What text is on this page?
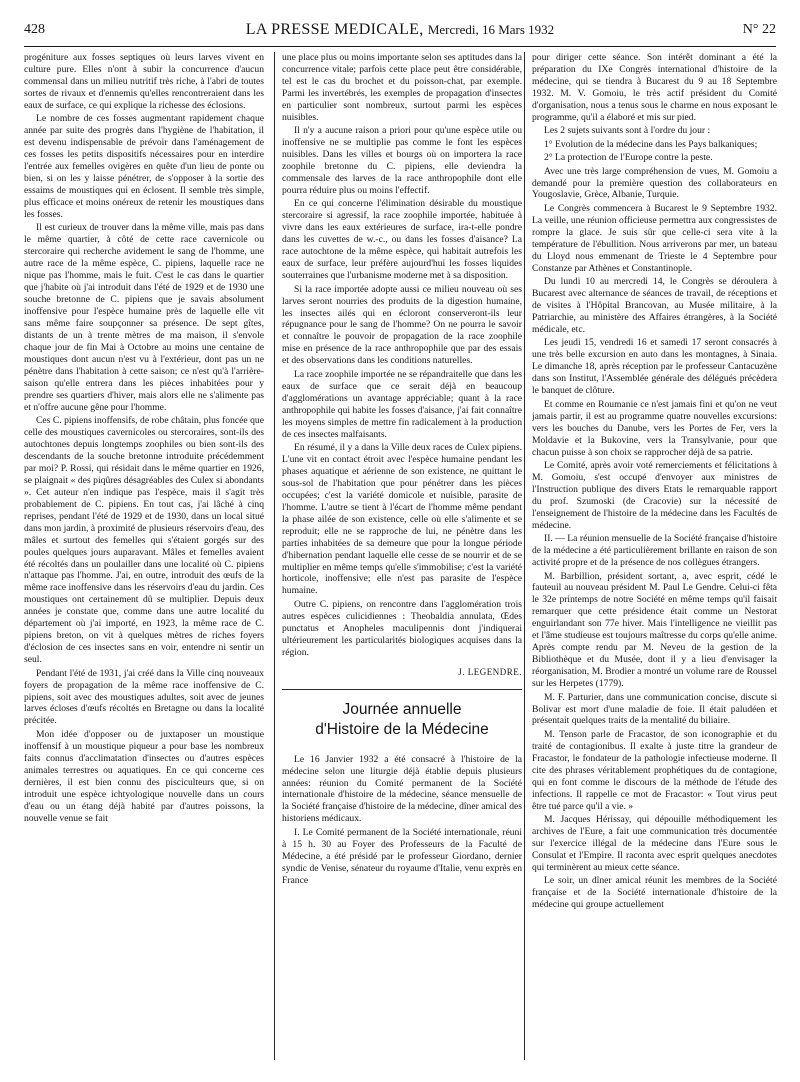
428	LA PRESSE MEDICALE, Mercredi, 16 Mars 1932	N° 22

progéniture aux fosses septiques où leurs larves vivent en culture pure. Elles n'ont à subir la concurrence d'aucun commensal dans un milieu nutritif très riche, à l'abri de toutes sortes de rivaux et d'ennemis qu'elles rencontreraient dans les eaux de surface, ce qui explique la richesse des éclosions.

Le nombre de ces fosses augmentant rapidement chaque année par suite des progrès dans l'hygiène de l'habitation, il est devenu indispensable de prévoir dans l'aménagement de ces fosses les petits dispositifs nécessaires pour en interdire l'entrée aux femelles ovigères en quête d'un lieu de ponte ou bien, si on les y laisse pénétrer, de s'opposer à la sortie des essaims de moustiques qui en éclosent. Il semble très simple, plus efficace et moins onéreux de retenir les moustiques dans les fosses.

Il est curieux de trouver dans la même ville, mais pas dans le même quartier, à côté de cette race cavernicole ou stercoraire qui recherche avidement le sang de l'homme, une autre race de la même espèce, C. pipiens, laquelle race ne nique pas l'homme, mais le fuit. C'est le cas dans le quartier que j'habite où j'ai introduit dans l'été de 1929 et de 1930 une souche bretonne de C. pipiens que je savais absolument inoffensive pour l'espèce humaine près de laquelle elle vit sans même faire soupçonner sa présence. De sept gîtes, distants de un à trente mètres de ma maison, il s'envole chaque jour de fin Mai à Octobre au moins une centaine de moustiques dont aucun n'est vu à l'extérieur, dont pas un ne pénètre dans l'habitation à cette saison; ce n'est qu'à l'arrière-saison qu'elle entrera dans les pièces inhabitées pour y prendre ses quartiers d'hiver, mais alors elle ne s'alimente pas et n'offre aucune gêne pour l'homme.

Ces C. pipiens inoffensifs, de robe châtain, plus foncée que celle des moustiques cavernicoles ou stercoraires, sont-ils des autochtones depuis longtemps zoophiles ou bien sont-ils des descendants de la souche bretonne introduite précédemment par moi? P. Rossi, qui résidait dans le même quartier en 1926, se plaignait « des piqûres désagréables des Culex si abondants ». Cet auteur n'en indique pas l'espèce, mais il s'agit très probablement de C. pipiens. En tout cas, j'ai lâché à cinq reprises, pendant l'été de 1929 et de 1930, dans un local situé dans mon jardin, à proximité de plusieurs réservoirs d'eau, des mâles et surtout des femelles qui s'étaient gorgés sur des poules quelques jours auparavant. Mâles et femelles avaient été récoltés dans un poulailler dans une localité où C. pipiens n'attaque pas l'homme. J'ai, en outre, introduit des œufs de la même race inoffensive dans les réservoirs d'eau du jardin. Ces moustiques ont certainement dû se multiplier. Depuis deux années je constate que, comme dans une autre localité du département où j'ai importé, en 1923, la même race de C. pipiens breton, on vit à quelques mètres de riches foyers d'éclosion de ces insectes sans en voir, entendre ni sentir un seul.

Pendant l'été de 1931, j'ai créé dans la Ville cinq nouveaux foyers de propagation de la même race inoffensive de C. pipiens, soit avec des moustiques adultes, soit avec de jeunes larves écloses d'œufs récoltés en Bretagne ou dans la localité précitée.

Mon idée d'opposer ou de juxtaposer un moustique inoffensif à un moustique piqueur a pour base les nombreux faits connus d'acclimatation d'insectes ou d'autres espèces animales terrestres ou aquatiques. En ce qui concerne ces dernières, il est bien connu des pisciculteurs que, si on introduit une espèce ichtyologique nouvelle dans un cours d'eau ou un étang déjà habité par d'autres poissons, la nouvelle venue se fait

une place plus ou moins importante selon ses aptitudes dans la concurrence vitale; parfois cette place peut être considérable, tel est le cas du brochet et du poisson-chat, par exemple. Parmi les invertébrés, les exemples de propagation d'insectes en particulier sont nombreux, surtout parmi les espèces nuisibles.

Il n'y a aucune raison a priori pour qu'une espèce utile ou inoffensive ne se multiplie pas comme le font les espèces nuisibles. Dans les villes et bourgs où on importera la race zoophile bretonne du C. pipiens, elle deviendra la commensale des larves de la race anthropophile dont elle pourra réduire plus ou moins l'effectif.

En ce qui concerne l'élimination désirable du moustique stercoraire si agressif, la race zoophile importée, habituée à vivre dans les eaux extérieures de surface, ira-t-elle pondre dans les cuvettes de w.-c., ou dans les fosses d'aisance? La race autochtone de la même espèce, qui habitait autrefois les eaux de surface, leur préfère aujourd'hui les fosses liquides souterraines que l'urbanisme moderne met à sa disposition.

Si la race importée adopte aussi ce milieu nouveau où ses larves seront nourries des produits de la digestion humaine, les insectes ailés qui en écloront conserveront-ils leur répugnance pour le sang de l'homme? On ne pourra le savoir et connaître le pouvoir de propagation de la race zoophile mise en présence de la race anthropophile que par des essais et des observations dans les conditions naturelles.

La race zoophile importée ne se répandraitelle que dans les eaux de surface que ce serait déjà en beaucoup d'agglomérations un avantage appréciable; quant à la race anthropophile qui habite les fosses d'aisance, j'ai fait connaître les moyens simples de mettre fin radicalement à la production de ces insectes malfaisants.

En résumé, il y a dans la Ville deux races de Culex pipiens. L'une vit en contact étroit avec l'espèce humaine pendant les phases aquatique et aérienne de son existence, ne quittant le sous-sol de l'habitation que pour pénétrer dans les pièces occupées; c'est la variété domicole et nuisible, parasite de l'homme. L'autre se tient à l'écart de l'homme même pendant la phase ailée de son existence, celle où elle s'alimente et se reproduit; elle ne se rapproche de lui, ne pénètre dans les parties inhabitées de sa demeure que pour la longue période d'hibernation pendant laquelle elle cesse de se nourrir et de se multiplier en même temps qu'elle s'immobilise; c'est la variété horticole, inoffensive; elle n'est pas parasite de l'espèce humaine.

Outre C. pipiens, on rencontre dans l'agglomération trois autres espèces culicidiennes : Theobaldia annulata, Œdes punctatus et Anopheles maculipennis dont j'indiquerai ultérieurement les particularités biologiques acquises dans la région.

J. LEGENDRE.
Journée annuelle
d'Histoire de la Médecine

Le 16 Janvier 1932 a été consacré à l'histoire de la médecine selon une liturgie déjà établie depuis plusieurs années: réunion du Comité permanent de la Société internationale d'histoire de la médecine, séance mensuelle de la Société française d'histoire de la médecine, dîner amical des historiens médicaux.

I. Le Comité permanent de la Société internationale, réuni à 15 h. 30 au Foyer des Professeurs de la Faculté de Médecine, a été présidé par le professeur Giordano, dernier syndic de Venise, sénateur du royaume d'Italie, venu exprès en France

pour diriger cette séance. Son intérêt dominant a été la préparation du IXe Congrès international d'histoire de la médecine, qui se tiendra à Bucarest du 9 au 18 Septembre 1932. M. V. Gomoiu, le très actif président du Comité d'organisation, nous a tenus sous le charme en nous exposant le programme, qu'il a élaboré et mis sur pied.

Les 2 sujets suivants sont à l'ordre du jour :

1° Evolution de la médecine dans les Pays balkaniques;

2° La protection de l'Europe contre la peste.

Avec une très large compréhension de vues, M. Gomoiu a demandé pour la première question des collaborateurs en Yougoslavie, Grèce, Albanie, Turquie.

Le Congrès commencera à Bucarest le 9 Septembre 1932. La veille, une réunion officieuse permettra aux congressistes de rompre la glace. Je suis sûr que celle-ci sera vite à la température de l'ébullition. Nous arriverons par mer, un bateau du Lloyd nous emmenant de Trieste le 4 Septembre pour Constanze par Athènes et Constantinople.

Du lundi 10 au mercredi 14, le Congrès se déroulera à Bucarest avec alternance de séances de travail, de réceptions et de visites à l'Hôpital Brancovan, au Musée militaire, à la Patriarchie, au ministère des Affaires étrangères, à la Société médicale, etc.

Les jeudi 15, vendredi 16 et samedi 17 seront consacrés à une très belle excursion en auto dans les montagnes, à Sinaia. Le dimanche 18, après réception par le professeur Cantacuzène dans son Institut, l'Assemblée générale des délégués précèdera le banquet de clôture.

Et comme en Roumanie ce n'est jamais fini et qu'on ne veut jamais partir, il est au programme quatre nouvelles excursions: vers les bouches du Danube, vers les Portes de Fer, vers la Moldavie et la Bukovine, vers la Transylvanie, pour que chacun puisse à son choix se rapprocher déjà de sa patrie.

Le Comité, après avoir voté remerciements et félicitations à M. Gomoiu, s'est occupé d'envoyer aux ministres de l'Instruction publique des divers Etats le remarquable rapport du prof. Szumoski (de Cracovie) sur la nécessité de l'enseignement de l'histoire de la médecine dans les Facultés de médecine.

II. — La réunion mensuelle de la Société française d'histoire de la médecine a été particulièrement brillante en raison de son activité propre et de la présence de nos collègues étrangers.

M. Barbillion, président sortant, a, avec esprit, cédé le fauteuil au nouveau président M. Paul Le Gendre. Celui-ci fêta le 32e printemps de notre Société en même temps qu'il faisait remarquer que cette présidence était comme un Nestorat enguirlandant son 77e hiver. Mais l'intelligence ne vieillit pas et l'âme studieuse est toujours maîtresse du corps qu'elle anime. Après compte rendu par M. Neveu de la gestion de la Bibliothèque et du Musée, dont il y a lieu d'envisager la réorganisation, M. Brodier a montré un volume rare de Roussel sur les Herpetes (1779).

M. F. Parturier, dans une communication concise, discute si Bolivar est mort d'une maladie de foie. Il était paludéen et présentait quelques traits de la mentalité du biliaire.

M. Tenson parle de Fracastor, de son iconographie et du traité de contagionibus. Il exalte à juste titre la grandeur de Fracastor, le fondateur de la pathologie infectieuse moderne. Il cite des phrases véritablement prophétiques du de contagione, qui en font comme le discours de la méthode de l'étude des infections. Il rappelle ce mot de Fracastor: « Tout virus peut être tué parce qu'il a vie. »

M. Jacques Hérissay, qui dépouille méthodiquement les archives de l'Eure, a fait une communication très documentée sur l'exercice illégal de la médecine dans l'Eure sous le Consulat et l'Empire. Il raconta avec esprit quelques anecdotes qui terminèrent au mieux cette séance.

Le soir, un dîner amical réunit les membres de la Société française et de la Société internationale d'histoire de la médecine qui groupe actuellement
